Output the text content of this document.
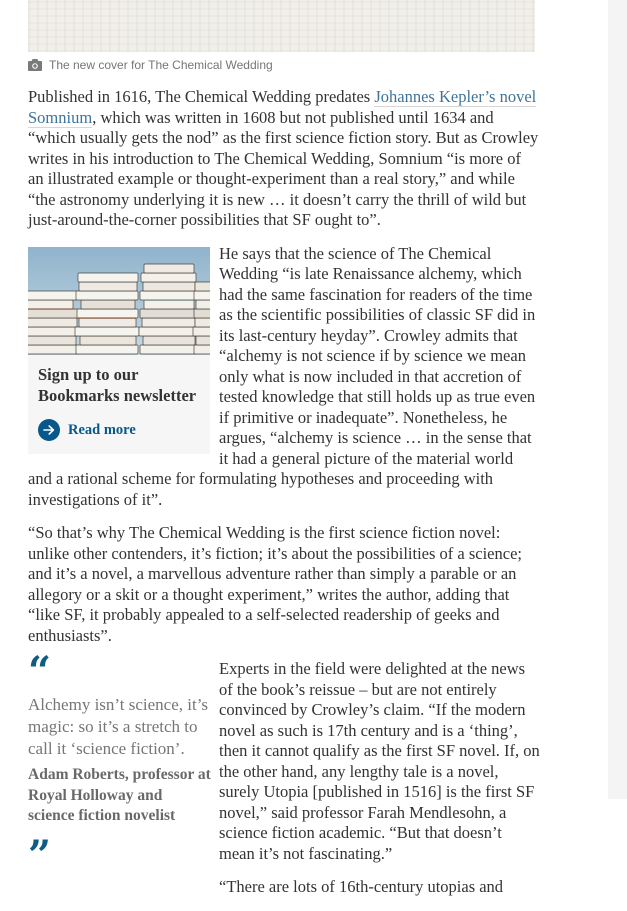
The new cover for The Chemical Wedding

Published in 1616, The Chemical Wedding predates Johannes Kepler’s novel Somnium, which was written in 1608 but not published until 1634 and “which usually gets the nod” as the first science fiction story. But as Crowley writes in his introduction to The Chemical Wedding, Somnium “is more of an illustrated example or thought-experiment than a real story,” and while “the astronomy underlying it is new … it doesn’t carry the thrill of wild but just-around-the-corner possibilities that SF ought to”.

Sign up to our Bookmarks newsletter
Read more

He says that the science of The Chemical Wedding “is late Renaissance alchemy, which had the same fascination for readers of the time as the scientific possibilities of classic SF did in its last-century heyday”. Crowley admits that “alchemy is not science if by science we mean only what is now included in that accretion of tested knowledge that still holds up as true even if primitive or inadequate”. Nonetheless, he argues, “alchemy is science … in the sense that it had a general picture of the material world and a rational scheme for formulating hypotheses and proceeding with investigations of it”.

“So that’s why The Chemical Wedding is the first science fiction novel: unlike other contenders, it’s fiction; it’s about the possibilities of a science; and it’s a novel, a marvellous adventure rather than simply a parable or an allegory or a skit or a thought experiment,” writes the author, adding that “like SF, it probably appealed to a self-selected readership of geeks and enthusiasts”.

“
Alchemy isn’t science, it’s magic: so it’s a stretch to call it ‘science fiction’.
Adam Roberts, professor at Royal Holloway and science fiction novelist
”

Experts in the field were delighted at the news of the book’s reissue – but are not entirely convinced by Crowley’s claim. “If the modern novel as such is 17th century and is a ‘thing’, then it cannot qualify as the first SF novel. If, on the other hand, any lengthy tale is a novel, surely Utopia [published in 1516] is the first SF novel,” said professor Farah Mendlesohn, a science fiction academic. “But that doesn’t mean it’s not fascinating.”

“There are lots of 16th-century utopias and
